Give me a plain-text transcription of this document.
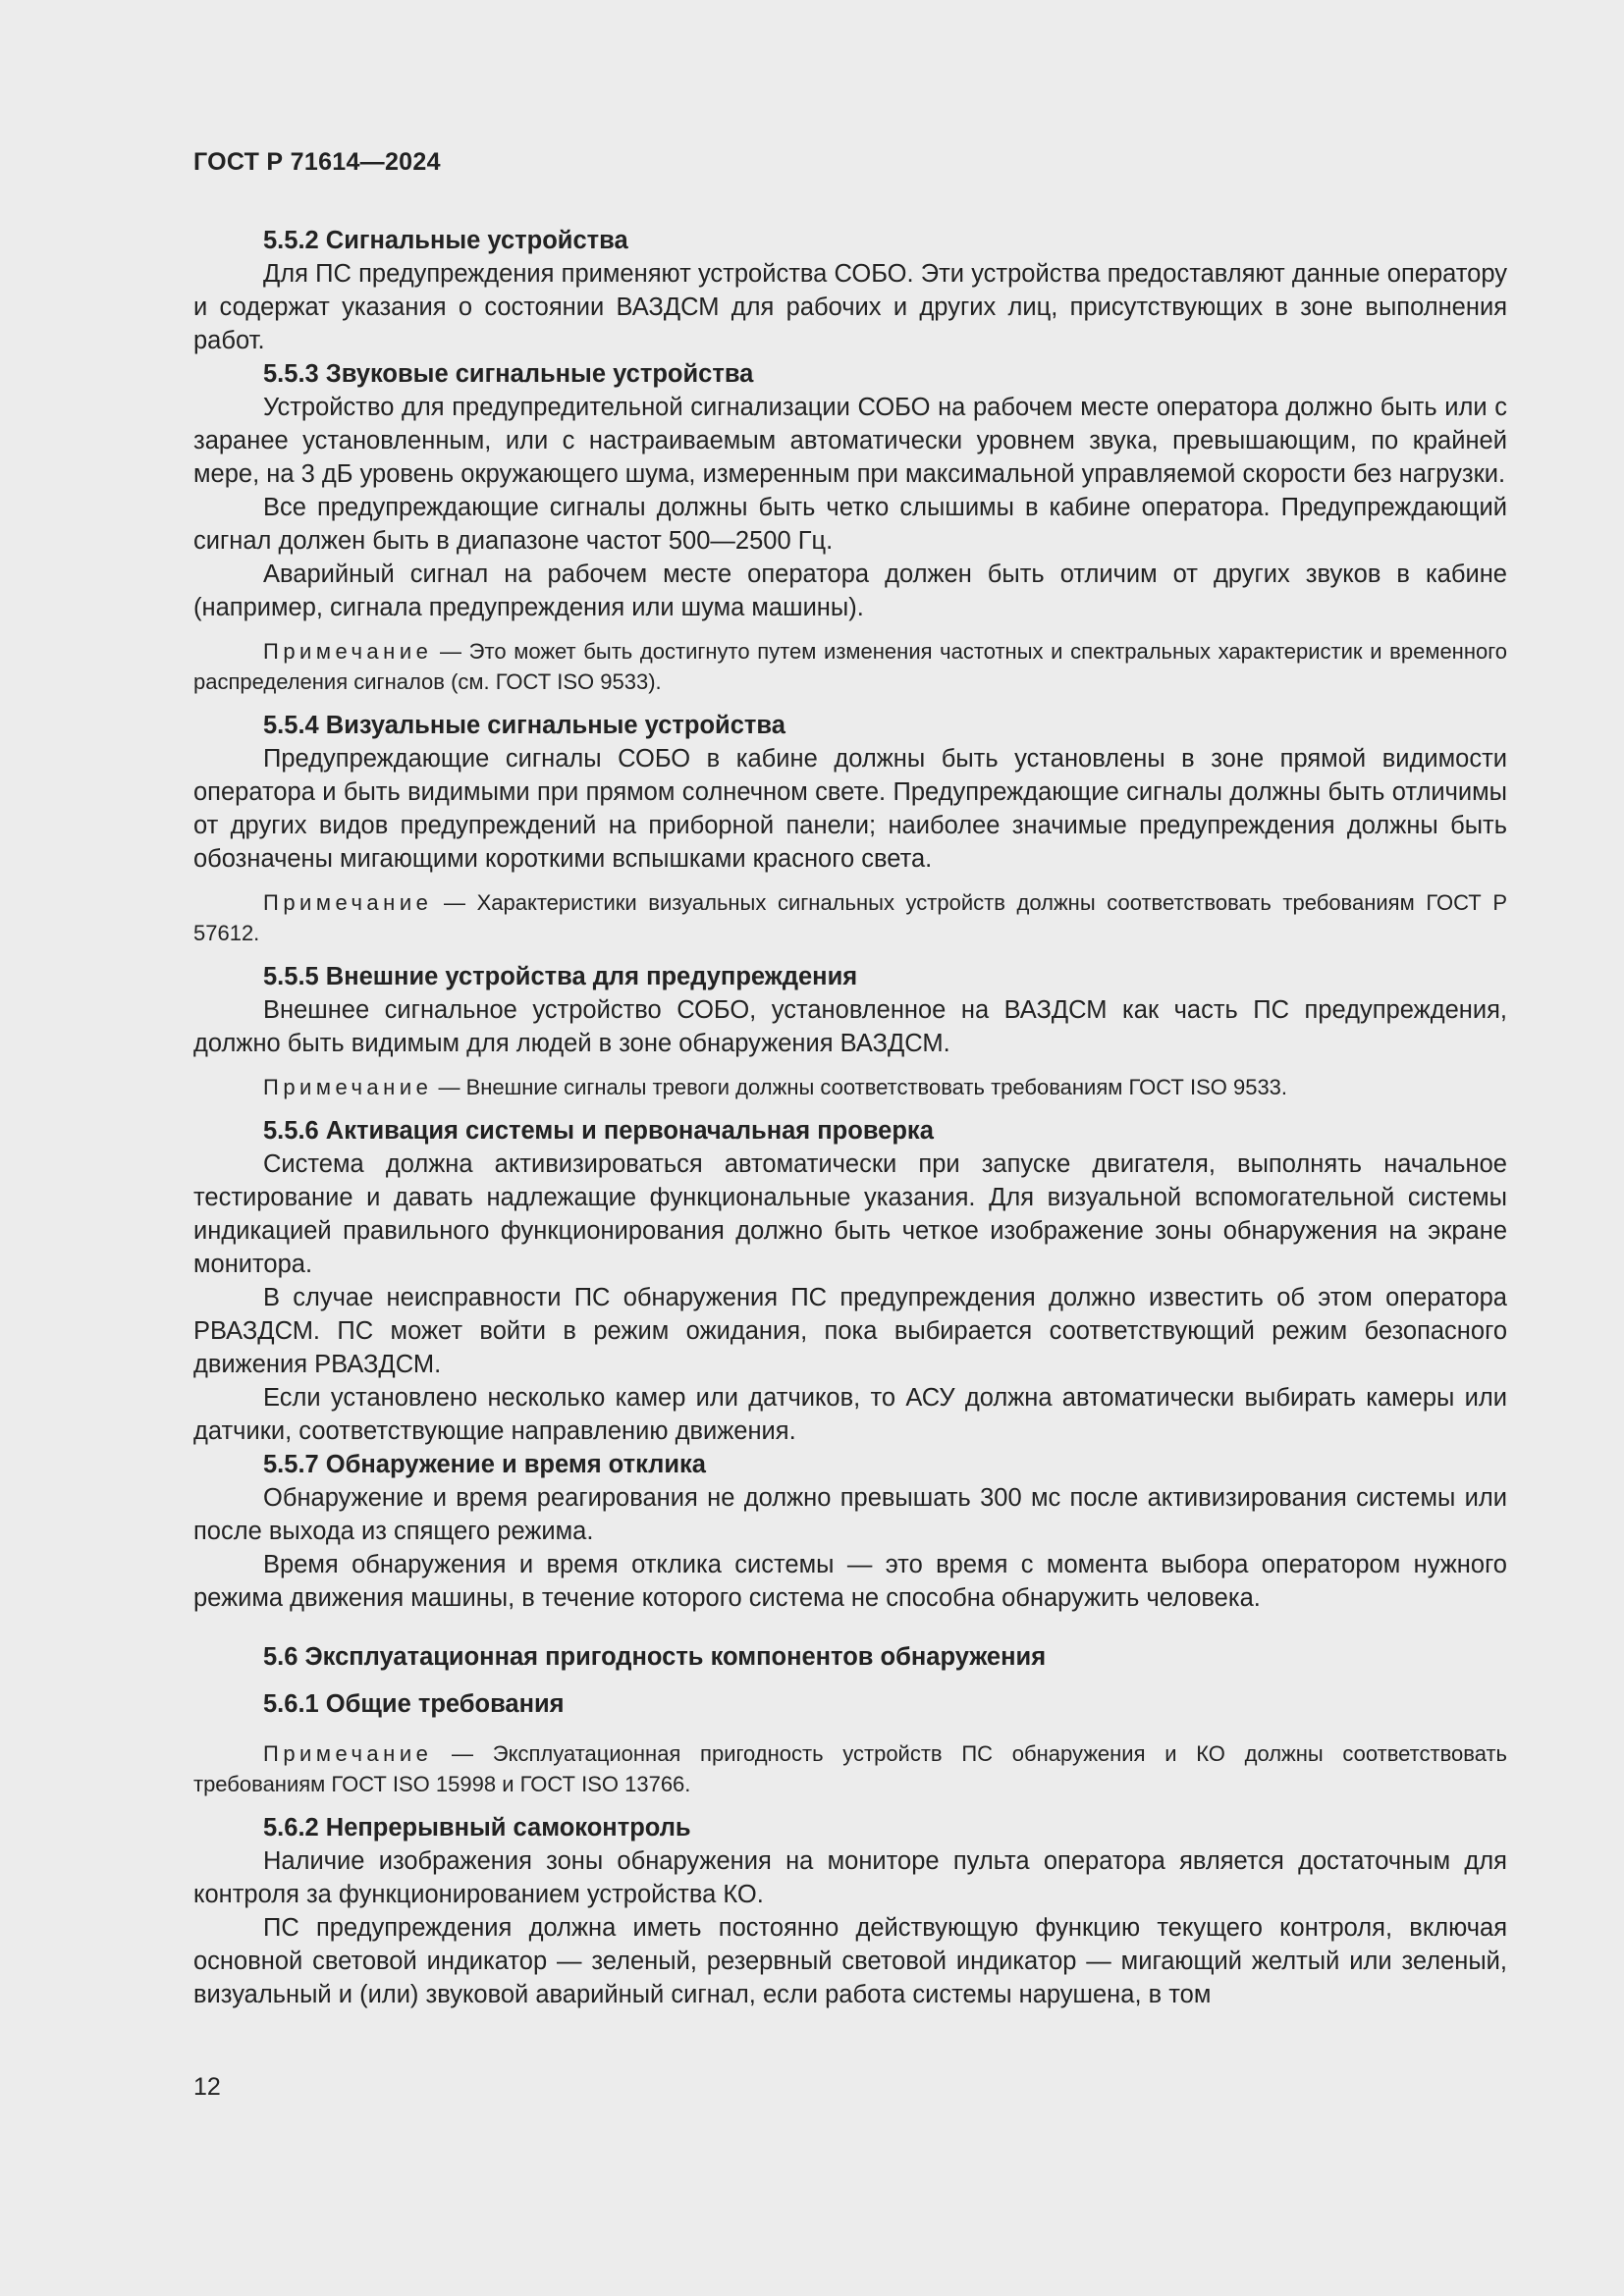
ГОСТ Р 71614—2024

5.5.2 Сигнальные устройства

Для ПС предупреждения применяют устройства СОБО. Эти устройства предоставляют данные оператору и содержат указания о состоянии ВАЗДСМ для рабочих и других лиц, присутствующих в зоне выполнения работ.

5.5.3 Звуковые сигнальные устройства

Устройство для предупредительной сигнализации СОБО на рабочем месте оператора должно быть или с заранее установленным, или с настраиваемым автоматически уровнем звука, превышающим, по крайней мере, на 3 дБ уровень окружающего шума, измеренным при максимальной управляемой скорости без нагрузки.

Все предупреждающие сигналы должны быть четко слышимы в кабине оператора. Предупреждающий сигнал должен быть в диапазоне частот 500—2500 Гц.

Аварийный сигнал на рабочем месте оператора должен быть отличим от других звуков в кабине (например, сигнала предупреждения или шума машины).

Примечание — Это может быть достигнуто путем изменения частотных и спектральных характеристик и временного распределения сигналов (см. ГОСТ ISO 9533).

5.5.4 Визуальные сигнальные устройства

Предупреждающие сигналы СОБО в кабине должны быть установлены в зоне прямой видимости оператора и быть видимыми при прямом солнечном свете. Предупреждающие сигналы должны быть отличимы от других видов предупреждений на приборной панели; наиболее значимые предупреждения должны быть обозначены мигающими короткими вспышками красного света.

Примечание — Характеристики визуальных сигнальных устройств должны соответствовать требованиям ГОСТ Р 57612.

5.5.5 Внешние устройства для предупреждения

Внешнее сигнальное устройство СОБО, установленное на ВАЗДСМ как часть ПС предупреждения, должно быть видимым для людей в зоне обнаружения ВАЗДСМ.

Примечание — Внешние сигналы тревоги должны соответствовать требованиям ГОСТ ISO 9533.

5.5.6 Активация системы и первоначальная проверка

Система должна активизироваться автоматически при запуске двигателя, выполнять начальное тестирование и давать надлежащие функциональные указания. Для визуальной вспомогательной системы индикацией правильного функционирования должно быть четкое изображение зоны обнаружения на экране монитора.

В случае неисправности ПС обнаружения ПС предупреждения должно известить об этом оператора РВАЗДСМ. ПС может войти в режим ожидания, пока выбирается соответствующий режим безопасного движения РВАЗДСМ.

Если установлено несколько камер или датчиков, то АСУ должна автоматически выбирать камеры или датчики, соответствующие направлению движения.

5.5.7 Обнаружение и время отклика

Обнаружение и время реагирования не должно превышать 300 мс после активизирования системы или после выхода из спящего режима.

Время обнаружения и время отклика системы — это время с момента выбора оператором нужного режима движения машины, в течение которого система не способна обнаружить человека.

5.6 Эксплуатационная пригодность компонентов обнаружения

5.6.1 Общие требования

Примечание — Эксплуатационная пригодность устройств ПС обнаружения и КО должны соответствовать требованиям ГОСТ ISO 15998 и ГОСТ ISO 13766.

5.6.2 Непрерывный самоконтроль

Наличие изображения зоны обнаружения на мониторе пульта оператора является достаточным для контроля за функционированием устройства КО.

ПС предупреждения должна иметь постоянно действующую функцию текущего контроля, включая основной световой индикатор — зеленый, резервный световой индикатор — мигающий желтый или зеленый, визуальный и (или) звуковой аварийный сигнал, если работа системы нарушена, в том

12
